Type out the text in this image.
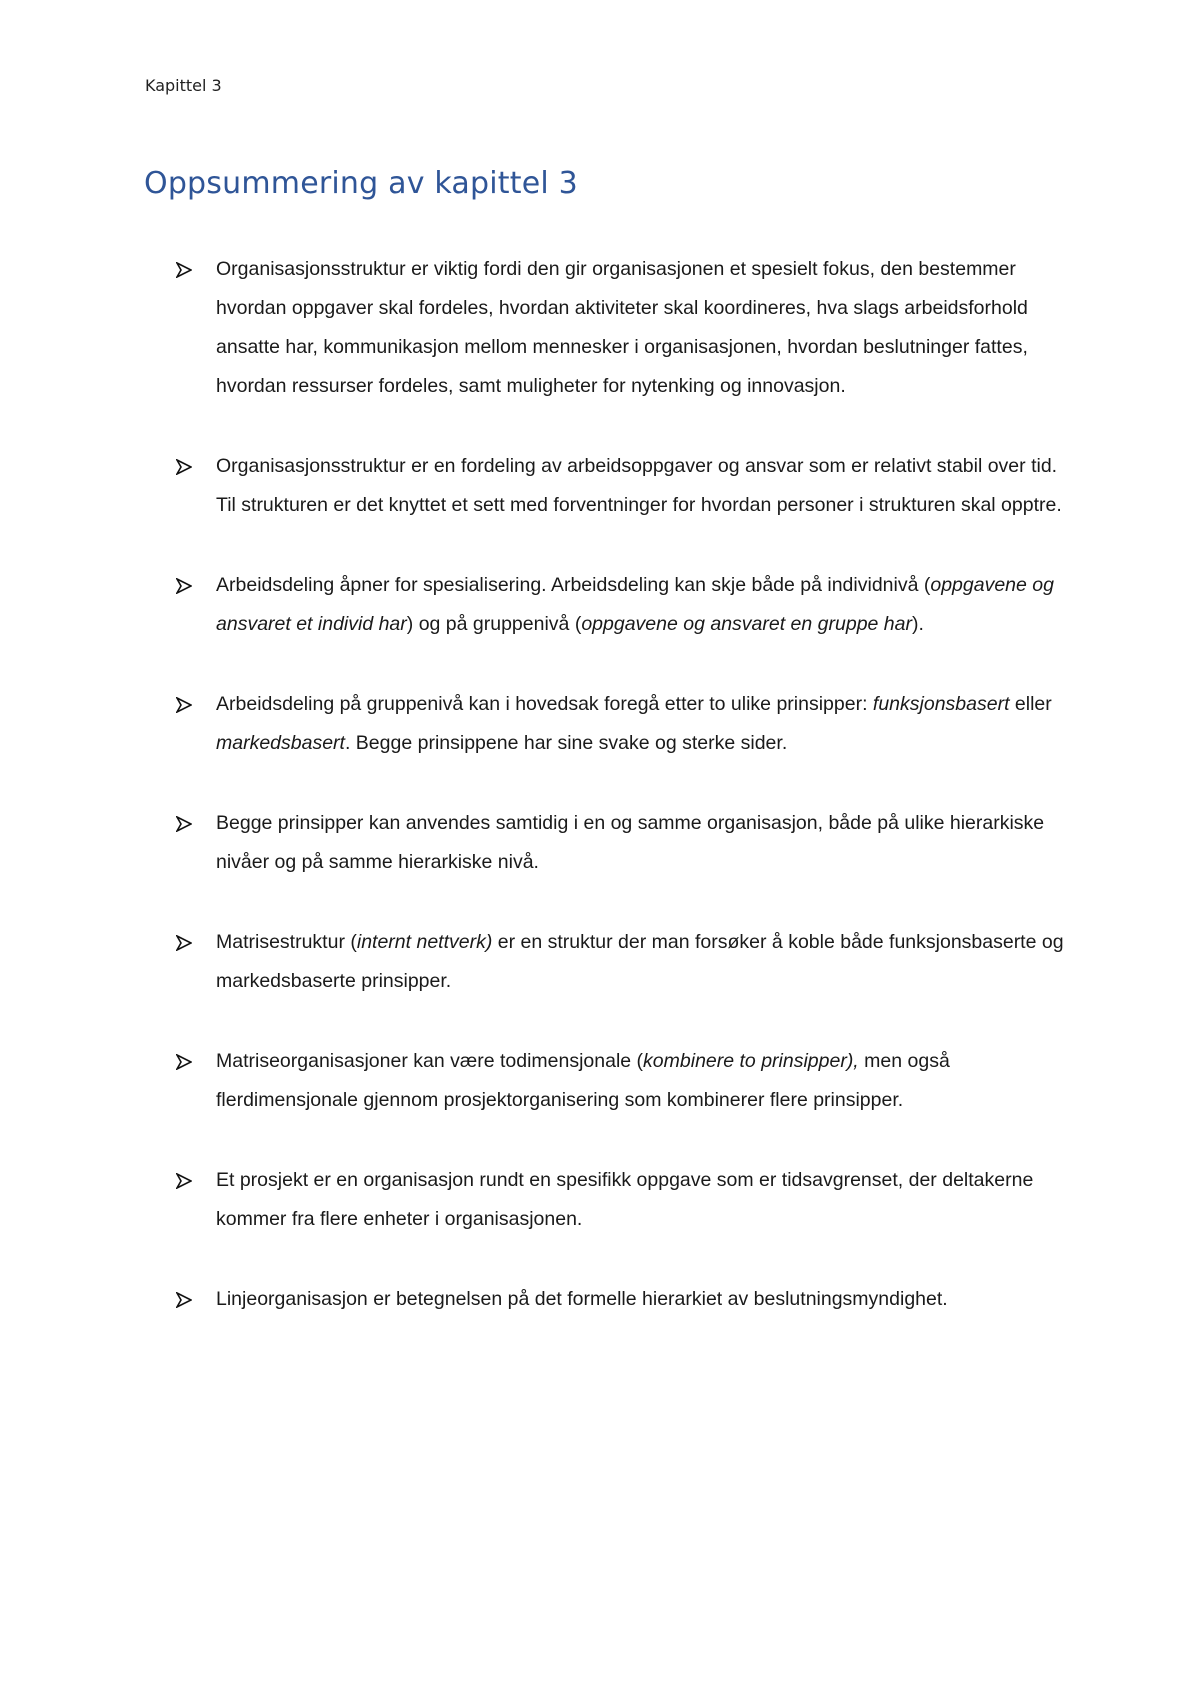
Kapittel 3
Oppsummering av kapittel 3
Organisasjonsstruktur er viktig fordi den gir organisasjonen et spesielt fokus, den bestemmer hvordan oppgaver skal fordeles, hvordan aktiviteter skal koordineres, hva slags arbeidsforhold ansatte har, kommunikasjon mellom mennesker i organisasjonen, hvordan beslutninger fattes, hvordan ressurser fordeles, samt muligheter for nytenking og innovasjon.
Organisasjonsstruktur er en fordeling av arbeidsoppgaver og ansvar som er relativt stabil over tid. Til strukturen er det knyttet et sett med forventninger for hvordan personer i strukturen skal opptre.
Arbeidsdeling åpner for spesialisering. Arbeidsdeling kan skje både på individnivå (oppgavene og ansvaret et individ har) og på gruppenivå (oppgavene og ansvaret en gruppe har).
Arbeidsdeling på gruppenivå kan i hovedsak foregå etter to ulike prinsipper: funksjonsbasert eller markedsbasert. Begge prinsippene har sine svake og sterke sider.
Begge prinsipper kan anvendes samtidig i en og samme organisasjon, både på ulike hierarkiske nivåer og på samme hierarkiske nivå.
Matrisestruktur (internt nettverk) er en struktur der man forsøker å koble både funksjonsbaserte og markedsbaserte prinsipper.
Matriseorganisasjoner kan være todimensjonale (kombinere to prinsipper), men også flerdimensjonale gjennom prosjektorganisering som kombinerer flere prinsipper.
Et prosjekt er en organisasjon rundt en spesifikk oppgave som er tidsavgrenset, der deltakerne kommer fra flere enheter i organisasjonen.
Linjeorganisasjon er betegnelsen på det formelle hierarkiet av beslutningsmyndighet.
